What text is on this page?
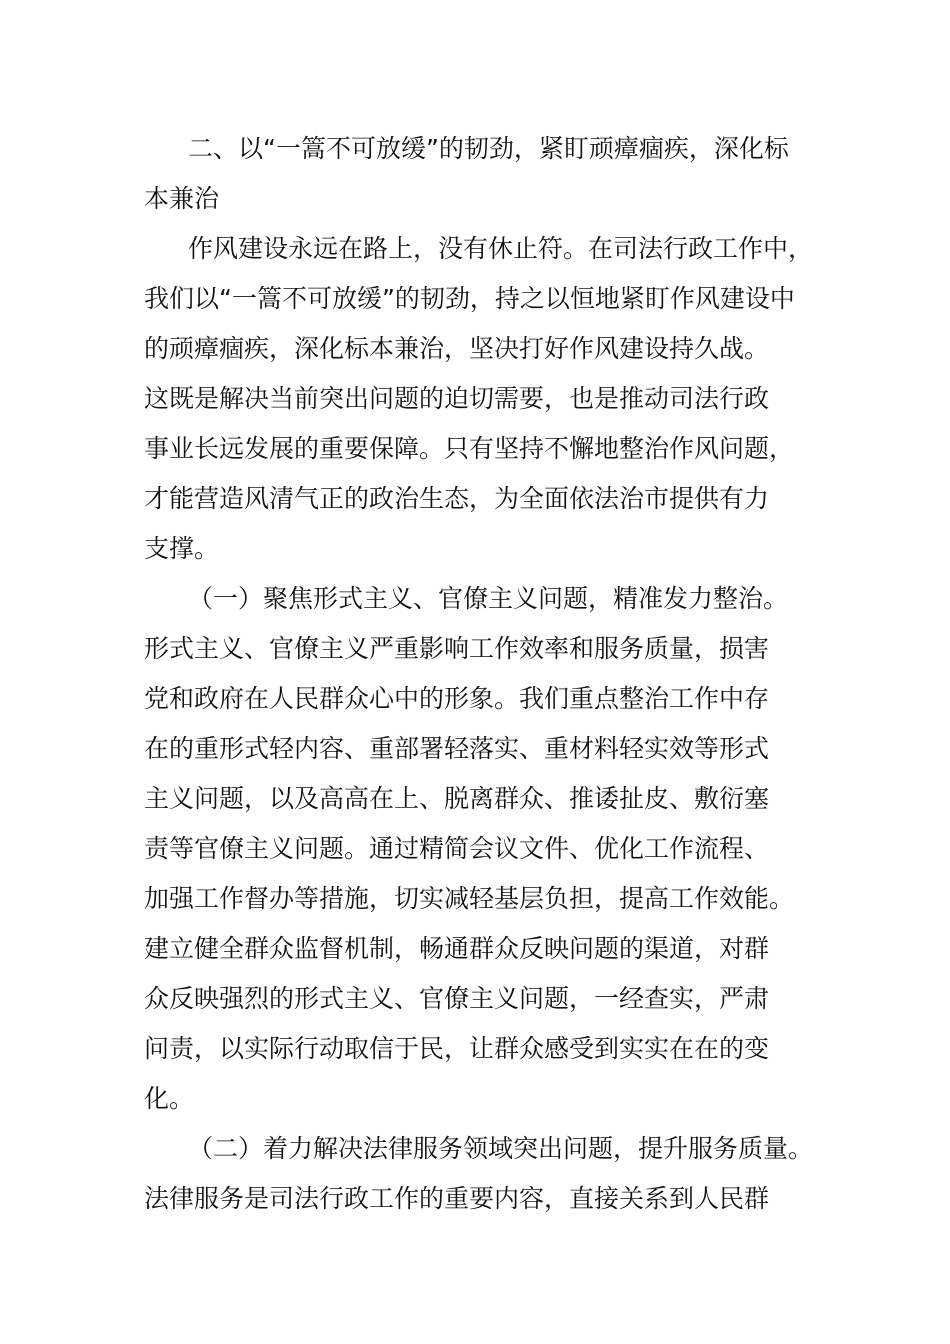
二、以“一篙不可放缓”的韧劲，紧盯顽瘴痼疾，深化标
本兼治
作风建设永远在路上，没有休止符。在司法行政工作中，
我们以“一篙不可放缓”的韧劲，持之以恒地紧盯作风建设中
的顽瘴痼疾，深化标本兼治，坚决打好作风建设持久战。
这既是解决当前突出问题的迫切需要，也是推动司法行政
事业长远发展的重要保障。只有坚持不懈地整治作风问题，
才能营造风清气正的政治生态，为全面依法治市提供有力
支撑。
（一）聚焦形式主义、官僚主义问题，精准发力整治。
形式主义、官僚主义严重影响工作效率和服务质量，损害
党和政府在人民群众心中的形象。我们重点整治工作中存
在的重形式轻内容、重部署轻落实、重材料轻实效等形式
主义问题，以及高高在上、脱离群众、推诿扯皮、敷衍塞
责等官僚主义问题。通过精简会议文件、优化工作流程、
加强工作督办等措施，切实减轻基层负担，提高工作效能。
建立健全群众监督机制，畅通群众反映问题的渠道，对群
众反映强烈的形式主义、官僚主义问题，一经查实，严肃
问责，以实际行动取信于民，让群众感受到实实在在的变
化。
（二）着力解决法律服务领域突出问题，提升服务质量。
法律服务是司法行政工作的重要内容，直接关系到人民群
